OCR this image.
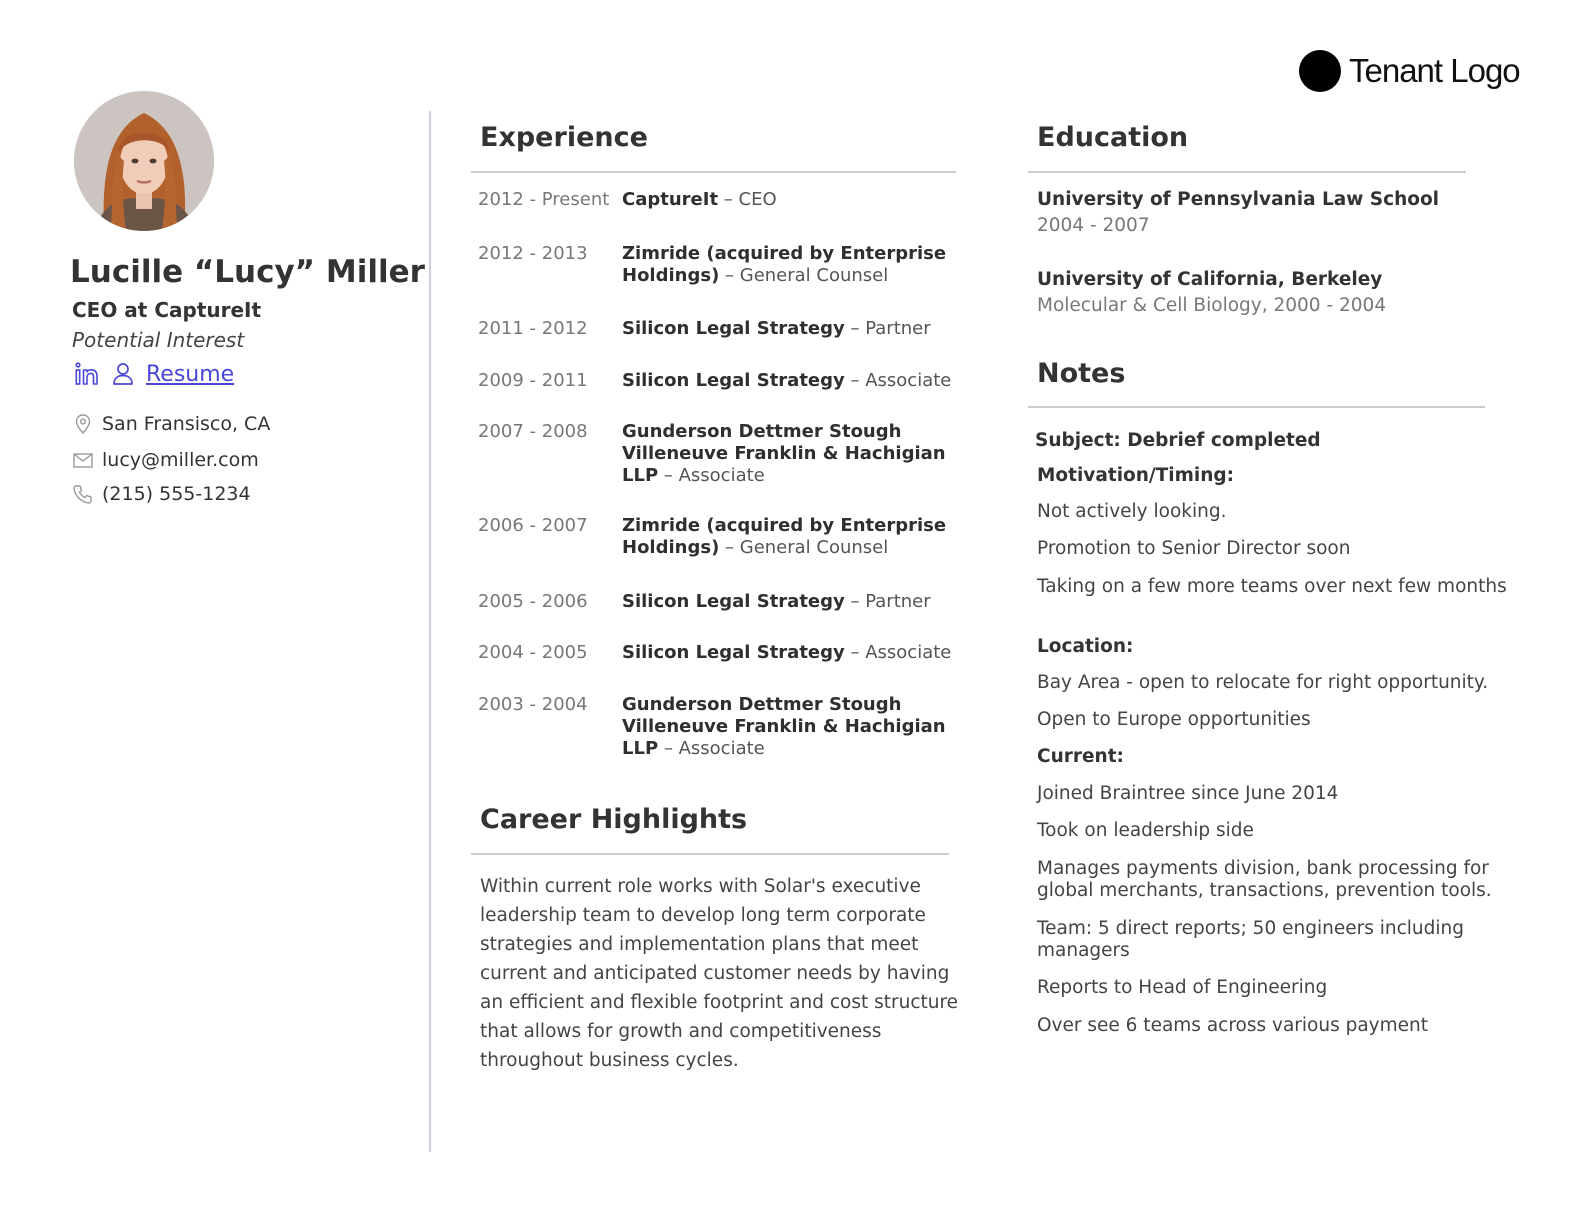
Tenant Logo
Lucille “Lucy” Miller
CEO at CaptureIt
Potential Interest
Resume
San Fransisco, CA
lucy@miller.com
(215) 555-1234
Experience
2012 - Present CaptureIt – CEO
2012 - 2013	Zimride (acquired by Enterprise Holdings) – General Counsel
2011 - 2012	Silicon Legal Strategy – Partner
2009 - 2011	Silicon Legal Strategy – Associate
2007 - 2008	Gunderson Dettmer Stough Villeneuve Franklin & Hachigian LLP – Associate
2006 - 2007	Zimride (acquired by Enterprise Holdings) – General Counsel
2005 - 2006	Silicon Legal Strategy – Partner
2004 - 2005	Silicon Legal Strategy – Associate
2003 - 2004	Gunderson Dettmer Stough Villeneuve Franklin & Hachigian LLP – Associate
Career Highlights
Within current role works with Solar's executive leadership team to develop long term corporate strategies and implementation plans that meet current and anticipated customer needs by having an efficient and flexible footprint and cost structure that allows for growth and competitiveness throughout business cycles.
Education
University of Pennsylvania Law School
2004 - 2007
University of California, Berkeley
Molecular & Cell Biology, 2000 - 2004
Notes
Subject: Debrief completed
Motivation/Timing:
Not actively looking.
Promotion to Senior Director soon
Taking on a few more teams over next few months
Location:
Bay Area - open to relocate for right opportunity.
Open to Europe opportunities
Current:
Joined Braintree since June 2014
Took on leadership side
Manages payments division, bank processing for global merchants, transactions, prevention tools.
Team: 5 direct reports; 50 engineers including managers
Reports to Head of Engineering
Over see 6 teams across various payment
